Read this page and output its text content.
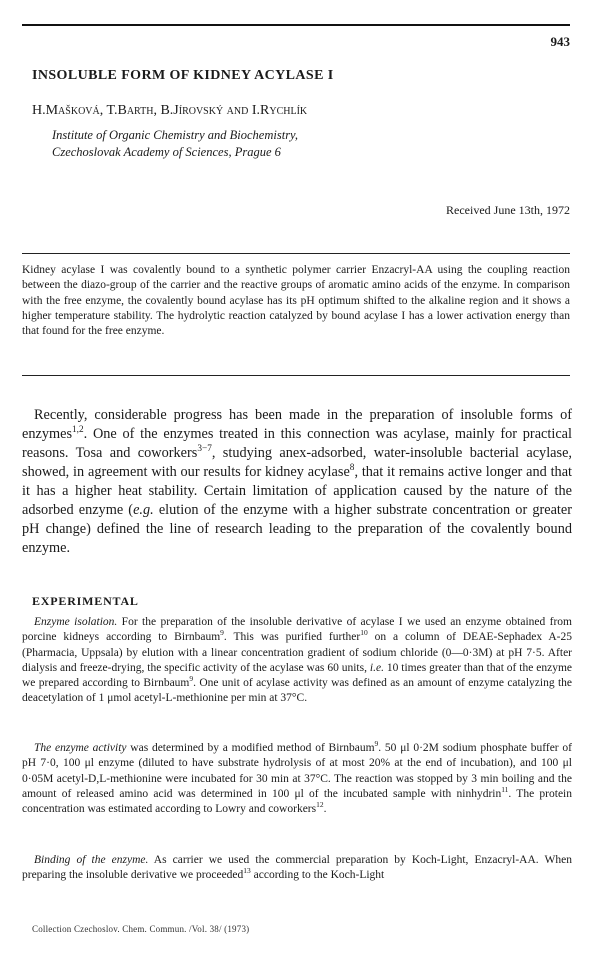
943
INSOLUBLE FORM OF KIDNEY ACYLASE I
H.Mašková, T.Barth, B.Jírovský and I.Rychlík
Institute of Organic Chemistry and Biochemistry,
Czechoslovak Academy of Sciences, Prague 6
Received June 13th, 1972
Kidney acylase I was covalently bound to a synthetic polymer carrier Enzacryl-AA using the coupling reaction between the diazo-group of the carrier and the reactive groups of aromatic amino acids of the enzyme. In comparison with the free enzyme, the covalently bound acylase has its pH optimum shifted to the alkaline region and it shows a higher temperature stability. The hydrolytic reaction catalyzed by bound acylase I has a lower activation energy than that found for the free enzyme.

Recently, considerable progress has been made in the preparation of insoluble forms of enzymes$^{1,2}$. One of the enzymes treated in this connection was acylase, mainly for practical reasons. Tosa and coworkers$^{3-7}$, studying anex-adsorbed, water-insoluble bacterial acylase, showed, in agreement with our results for kidney acylase$^8$, that it remains active longer and that it has a higher heat stability. Certain limitation of application caused by the nature of the adsorbed enzyme (e.g. elution of the enzyme with a higher substrate concentration or greater pH change) defined the line of research leading to the preparation of the covalently bound enzyme.

EXPERIMENTAL

Enzyme isolation. For the preparation of the insoluble derivative of acylase I we used an enzyme obtained from porcine kidneys according to Birnbaum$^9$. This was purified further$^{10}$ on a column of DEAE-Sephadex A-25 (Pharmacia, Uppsala) by elution with a linear concentration gradient of sodium chloride (0—0·3M) at pH 7·5. After dialysis and freeze-drying, the specific activity of the acylase was 60 units, i.e. 10 times greater than that of the enzyme we prepared according to Birnbaum$^9$. One unit of acylase activity was defined as an amount of enzyme catalyzing the deacetylation of 1 μmol acetyl-L-methionine per min at 37°C.

The enzyme activity was determined by a modified method of Birnbaum$^9$. 50 μl 0·2M sodium phosphate buffer of pH 7·0, 100 μl enzyme (diluted to have substrate hydrolysis of at most 20% at the end of incubation), and 100 μl 0·05M acetyl-D,L-methionine were incubated for 30 min at 37°C. The reaction was stopped by 3 min boiling and the amount of released amino acid was determined in 100 μl of the incubated sample with ninhydrin$^{11}$. The protein concentration was estimated according to Lowry and coworkers$^{12}$.

Binding of the enzyme. As carrier we used the commercial preparation by Koch-Light, Enzacryl-AA. When preparing the insoluble derivative we proceeded$^{13}$ according to the Koch-Light

Collection Czechoslov. Chem. Commun. /Vol. 38/ (1973)
